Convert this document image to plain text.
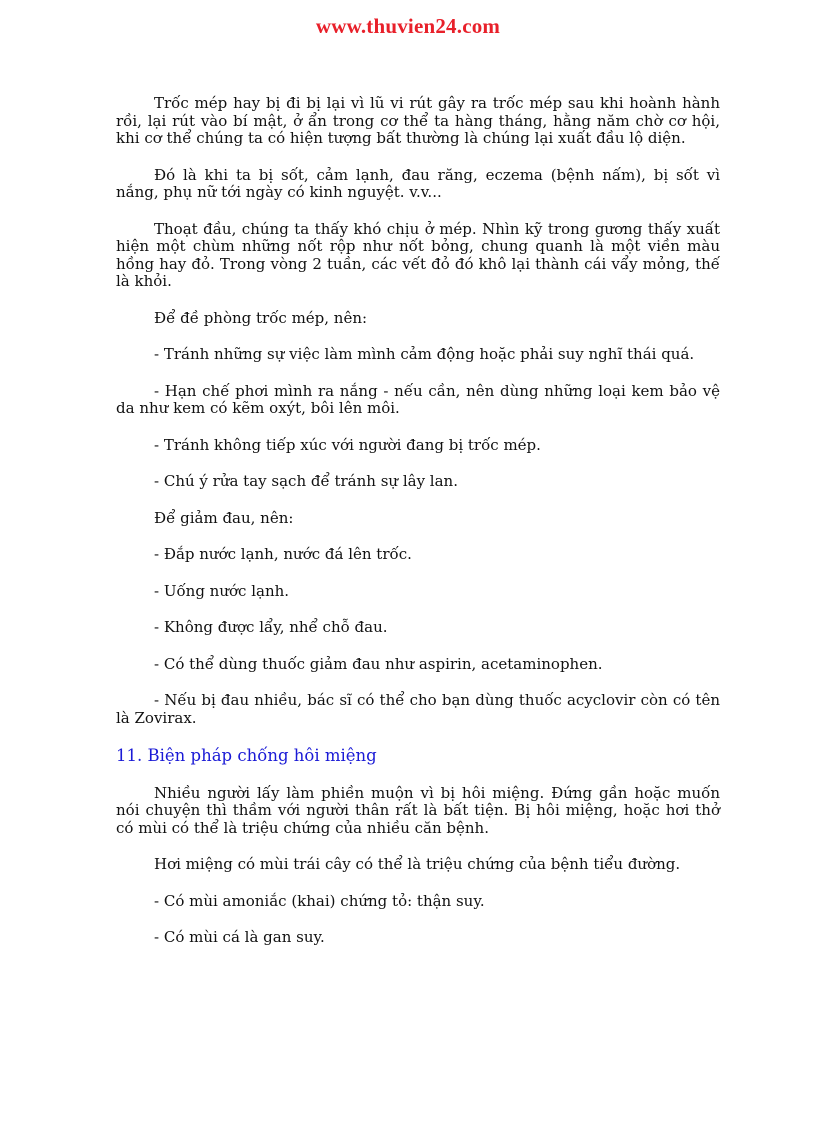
www.thuvien24.com

Trốc mép hay bị đi bị lại vì lũ vi rút gây ra trốc mép sau khi hoành hành rồi, lại rút vào bí mật, ở ẩn trong cơ thể ta hàng tháng, hằng năm chờ cơ hội, khi cơ thể chúng ta có hiện tượng bất thường là chúng lại xuất đầu lộ diện.

Đó là khi ta bị sốt, cảm lạnh, đau răng, eczema (bệnh nấm), bị sốt vì nắng, phụ nữ tới ngày có kinh nguyệt. v.v...

Thoạt đầu, chúng ta thấy khó chịu ở mép. Nhìn kỹ trong gương thấy xuất hiện một chùm những nốt rộp như nốt bỏng, chung quanh là một viền màu hồng hay đỏ. Trong vòng 2 tuần, các vết đỏ đó khô lại thành cái vẩy mỏng, thế là khỏi.

Để đề phòng trốc mép, nên:

- Tránh những sự việc làm mình cảm động hoặc phải suy nghĩ thái quá.

- Hạn chế phơi mình ra nắng - nếu cần, nên dùng những loại kem bảo vệ da như kem có kẽm oxýt, bôi lên môi.

- Tránh không tiếp xúc với người đang bị trốc mép.

- Chú ý rửa tay sạch để tránh sự lây lan.

Để giảm đau, nên:

- Đắp nước lạnh, nước đá lên trốc.

- Uống nước lạnh.

- Không được lẩy, nhể chỗ đau.

- Có thể dùng thuốc giảm đau như aspirin, acetaminophen.

- Nếu bị đau nhiều, bác sĩ có thể cho bạn dùng thuốc acyclovir còn có tên là Zovirax.

11. Biện pháp chống hôi miệng

Nhiều người lấy làm phiền muộn vì bị hôi miệng. Đứng gần hoặc muốn nói chuyện thì thầm với người thân rất là bất tiện. Bị hôi miệng, hoặc hơi thở có mùi có thể là triệu chứng của nhiều căn bệnh.

Hơi miệng có mùi trái cây có thể là triệu chứng của bệnh tiểu đường.

- Có mùi amoniắc (khai) chứng tỏ: thận suy.

- Có mùi cá là gan suy.
